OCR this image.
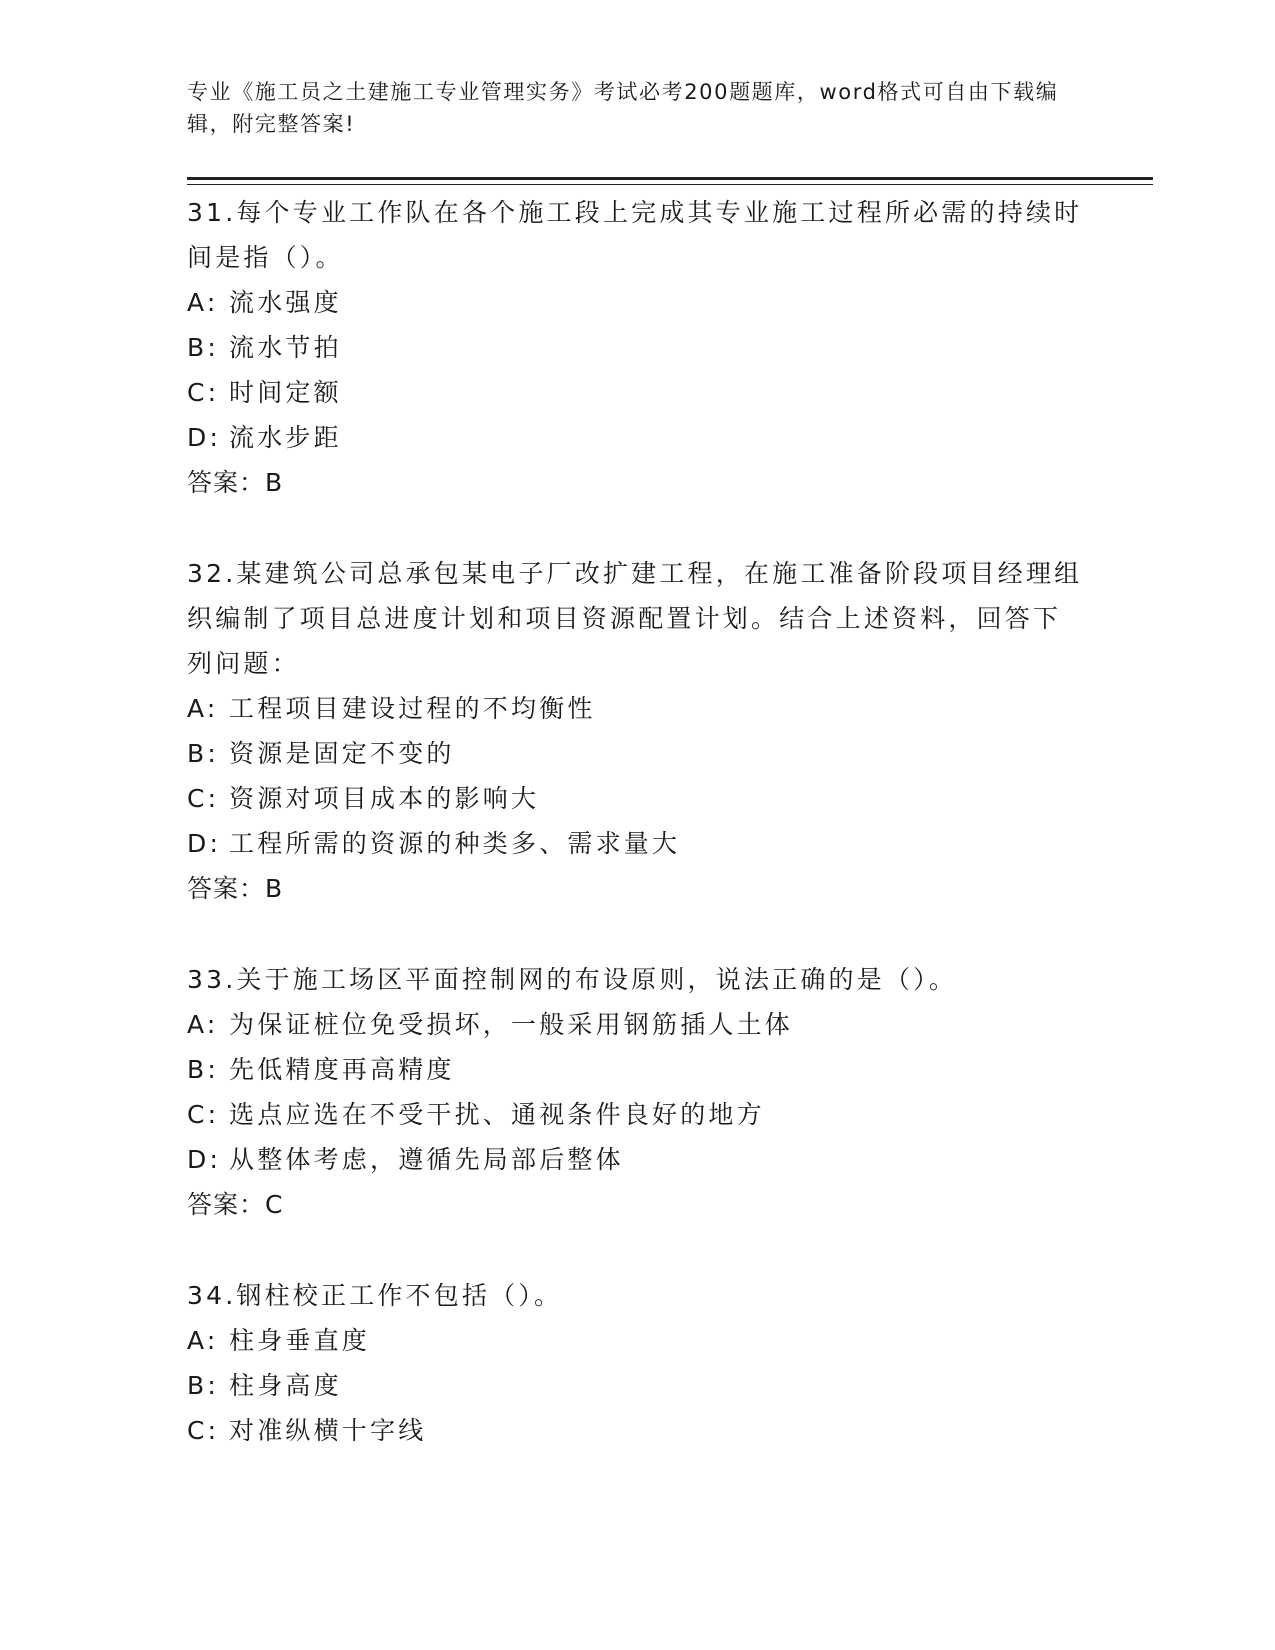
专业《施工员之土建施工专业管理实务》考试必考200题题库，word格式可自由下载编辑，附完整答案!

31.每个专业工作队在各个施工段上完成其专业施工过程所必需的持续时间是指（）。

A: 流水强度
B: 流水节拍
C: 时间定额
D: 流水步距
答案：B

32.某建筑公司总承包某电子厂改扩建工程，在施工准备阶段项目经理组织编制了项目总进度计划和项目资源配置计划。结合上述资料，回答下列问题：

A: 工程项目建设过程的不均衡性
B: 资源是固定不变的
C: 资源对项目成本的影响大
D: 工程所需的资源的种类多、需求量大
答案：B

33.关于施工场区平面控制网的布设原则，说法正确的是（）。

A: 为保证桩位免受损坏，一般采用钢筋插人土体
B: 先低精度再高精度
C: 选点应选在不受干扰、通视条件良好的地方
D: 从整体考虑，遵循先局部后整体
答案：C

34.钢柱校正工作不包括（）。

A: 柱身垂直度
B: 柱身高度
C: 对准纵横十字线
